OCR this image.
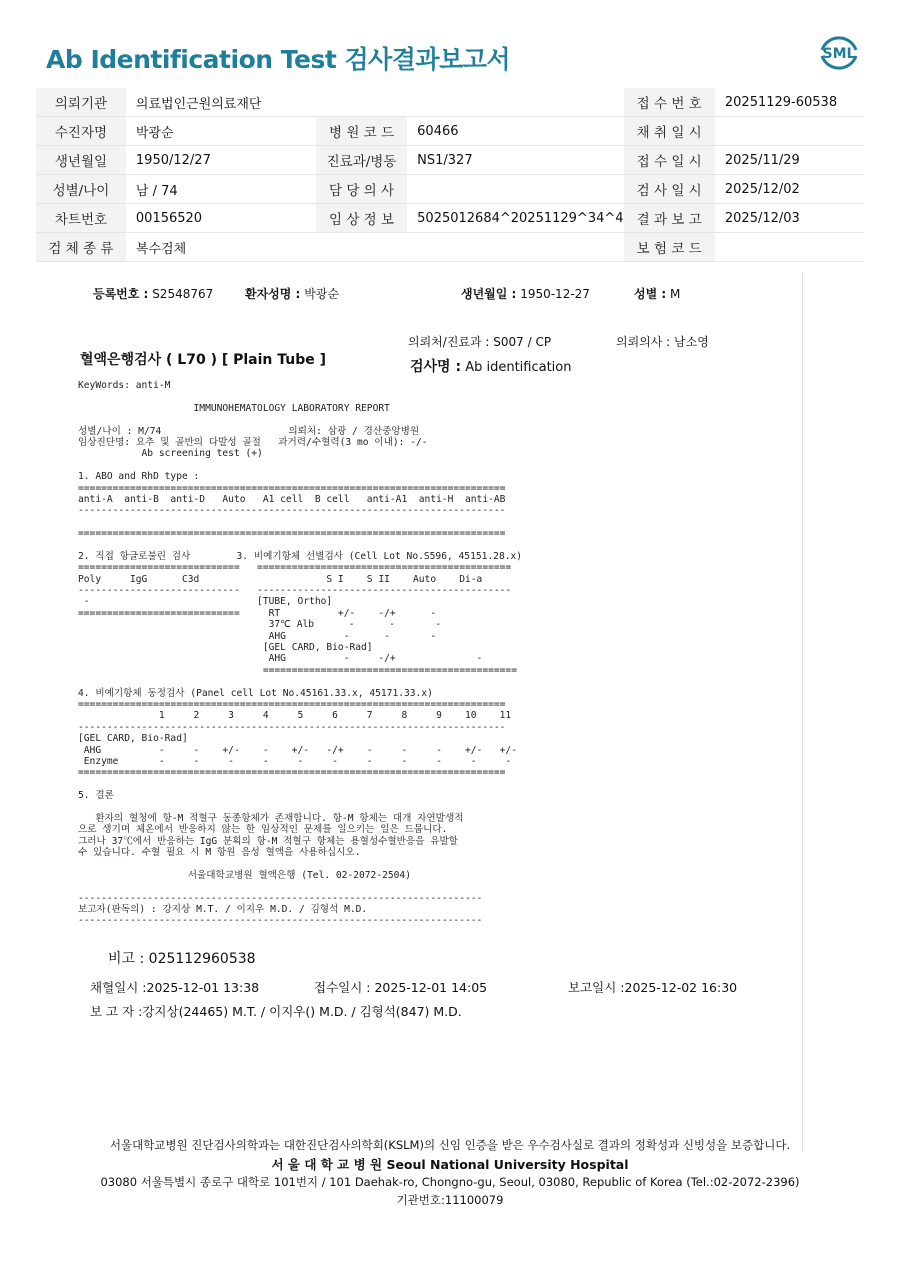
Ab Identification Test 검사결과보고서	SML
의뢰기관	의료법인근원의료재단			접 수 번 호	20251129-60538
수진자명	박광순	병 원 코 드	60466	채 취 일 시	
생년월일	1950/12/27	진료과/병동	NS1/327	접 수 일 시	2025/11/29
성별/나이	남 / 74	담 당 의 사		검 사 일 시	2025/12/02
차트번호	00156520	임 상 정 보	5025012684^20251129^34^4	결 과 보 고	2025/12/03
검 체 종 류	복수검체			보 험 코 드	
등록번호 : S2548767	환자성명 : 박광순	생년월일 : 1950-12-27	성별 : M
의뢰처/진료과 : S007 / CP	의뢰의사 : 남소영
혈액은행검사 ( L70 ) [ Plain Tube ]	검사명 : Ab identification
KeyWords: anti-M
IMMUNOHEMATOLOGY LABORATORY REPORT
성별/나이 : M/74                      의뢰처: 삼광 / 경산중앙병원
임상진단명: 요추 및 골반의 다발성 골절   과거력/수혈력(3 mo 이내): -/-
Ab screening test (+)
1. ABO and RhD type :
==========================================================================
anti-A  anti-B  anti-D   Auto   A1 cell  B cell   anti-A1  anti-H  anti-AB
--------------------------------------------------------------------------
==========================================================================
2. 직접 항글로불린 검사        3. 비예기항체 선별검사 (Cell Lot No.S596, 45151.28.x)
============================   ============================================
Poly     IgG      C3d                      S I    S II    Auto    Di-a
----------------------------   --------------------------------------------
-                             [TUBE, Ortho]
============================     RT          +/-    -/+      -
37℃ Alb      -      -       -
AHG          -      -       -
[GEL CARD, Bio-Rad]
AHG          -     -/+              -
============================================
4. 비예기항체 동정검사 (Panel cell Lot No.45161.33.x, 45171.33.x)
==========================================================================
1     2     3     4     5     6     7     8     9    10    11
--------------------------------------------------------------------------
[GEL CARD, Bio-Rad]
AHG          -     -    +/-    -    +/-   -/+    -     -     -    +/-   +/-
Enzyme       -     -     -     -     -     -     -     -     -     -     -
==========================================================================
5. 결론
환자의 혈청에 항-M 적혈구 동종항체가 존재합니다. 항-M 항체는 대개 자연발생적
으로 생기며 체온에서 반응하지 않는 한 임상적인 문제를 일으키는 일은 드뭅니다.
그러나 37℃에서 반응하는 IgG 분획의 항-M 적혈구 항체는 용혈성수혈반응을 유발할
수 있습니다. 수혈 필요 시 M 항원 음성 혈액을 사용하십시오.
서울대학교병원 혈액은행 (Tel. 02-2072-2504)
----------------------------------------------------------------------
보고자(판독의) : 강지상 M.T. / 이지우 M.D. / 김형석 M.D.
----------------------------------------------------------------------
비고 : 025112960538
채혈일시 :2025-12-01 13:38	접수일시 : 2025-12-01 14:05	보고일시 :2025-12-02 16:30
보 고 자 :강지상(24465) M.T. / 이지우() M.D. / 김형석(847) M.D.
서울대학교병원 진단검사의학과는 대한진단검사의학회(KSLM)의 신임 인증을 받은 우수검사실로 결과의 정확성과 신빙성을 보증합니다.
서 울 대 학 교 병 원 Seoul National University Hospital
03080 서울특별시 종로구 대학로 101번지 / 101 Daehak-ro, Chongno-gu, Seoul, 03080, Republic of Korea (Tel.:02-2072-2396)
기관번호:11100079
